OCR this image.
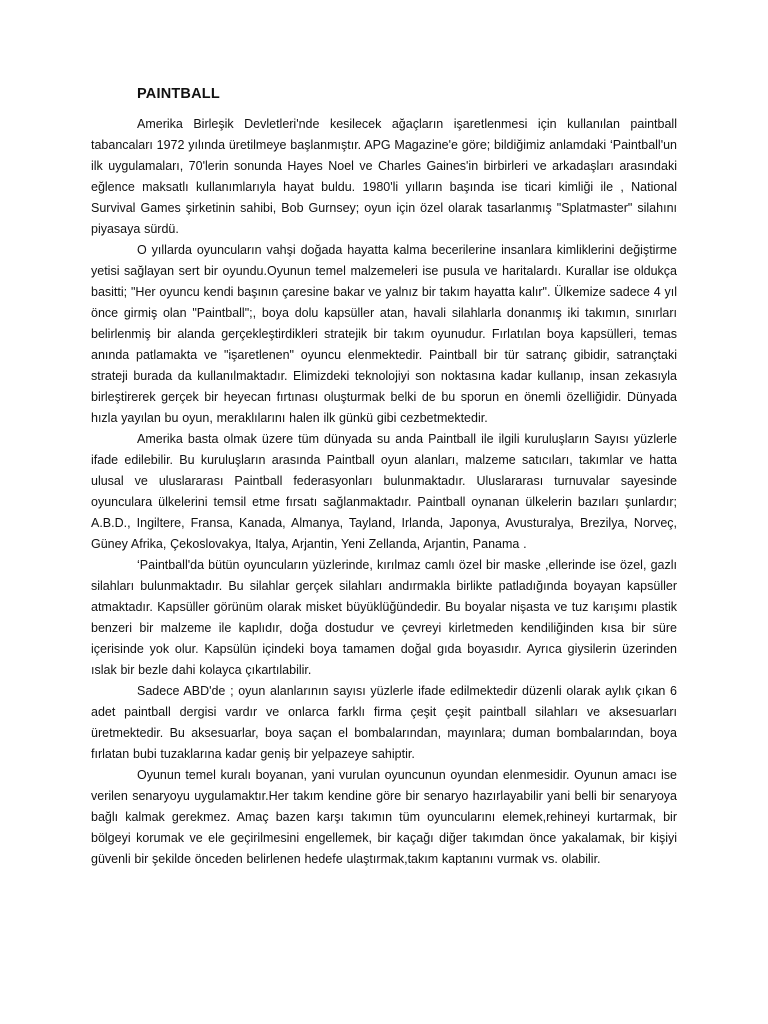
PAINTBALL

Amerika Birleşik Devletleri'nde kesilecek ağaçların işaretlenmesi için kullanılan paintball tabancaları 1972 yılında üretilmeye başlanmıştır. APG Magazine'e göre; bildiğimiz anlamdaki ‘Paintball'un ilk uygulamaları, 70'lerin sonunda Hayes Noel ve Charles Gaines'in birbirleri ve arkadaşları arasındaki eğlence maksatlı kullanımlarıyla hayat buldu. 1980'li yılların başında ise ticari kimliği ile , National Survival Games şirketinin sahibi, Bob Gurnsey; oyun için özel olarak tasarlanmış "Splatmaster" silahını piyasaya sürdü.

O yıllarda oyuncuların vahşi doğada hayatta kalma becerilerine insanlara kimliklerini değiştirme yetisi sağlayan sert bir oyundu.Oyunun temel malzemeleri ise pusula ve haritalardı. Kurallar ise oldukça basitti; "Her oyuncu kendi başının çaresine bakar ve yalnız bir takım hayatta kalır". Ülkemize sadece 4 yıl önce girmiş olan "Paintball";, boya dolu kapsüller atan, havali silahlarla donanmış iki takımın, sınırları belirlenmiş bir alanda gerçekleştirdikleri stratejik bir takım oyunudur. Fırlatılan boya kapsülleri, temas anında patlamakta ve "işaretlenen" oyuncu elenmektedir. Paintball bir tür satranç gibidir, satrançtaki strateji burada da kullanılmaktadır. Elimizdeki teknolojiyi son noktasına kadar kullanıp, insan zekasıyla birleştirerek gerçek bir heyecan fırtınası oluşturmak belki de bu sporun en önemli özelliğidir. Dünyada hızla yayılan bu oyun, meraklılarını halen ilk günkü gibi cezbetmektedir.

Amerika basta olmak üzere tüm dünyada su anda Paintball ile ilgili kuruluşların Sayısı yüzlerle ifade edilebilir. Bu kuruluşların arasında Paintball oyun alanları, malzeme satıcıları, takımlar ve hatta ulusal ve uluslararası Paintball federasyonları bulunmaktadır. Uluslararası turnuvalar sayesinde oyunculara ülkelerini temsil etme fırsatı sağlanmaktadır. Paintball oynanan ülkelerin bazıları şunlardır; A.B.D., Ingiltere, Fransa, Kanada, Almanya, Tayland, Irlanda, Japonya, Avusturalya, Brezilya, Norveç, Güney Afrika, Çekoslovakya, Italya, Arjantin, Yeni Zellanda, Arjantin, Panama .

‘Paintball'da bütün oyuncuların yüzlerinde, kırılmaz camlı özel bir maske ,ellerinde ise özel, gazlı silahları bulunmaktadır. Bu silahlar gerçek silahları andırmakla birlikte patladığında boyayan kapsüller atmaktadır. Kapsüller görünüm olarak misket büyüklüğündedir. Bu boyalar nişasta ve tuz karışımı plastik benzeri bir malzeme ile kaplıdır, doğa dostudur ve çevreyi kirletmeden kendiliğinden kısa bir süre içerisinde yok olur. Kapsülün içindeki boya tamamen doğal gıda boyasıdır. Ayrıca giysilerin üzerinden ıslak bir bezle dahi kolayca çıkartılabilir.

Sadece ABD'de ; oyun alanlarının sayısı yüzlerle ifade edilmektedir düzenli olarak aylık çıkan 6 adet paintball dergisi vardır ve onlarca farklı firma çeşit çeşit paintball silahları ve aksesuarları üretmektedir. Bu aksesuarlar, boya saçan el bombalarından, mayınlara; duman bombalarından, boya fırlatan bubi tuzaklarına kadar geniş bir yelpazeye sahiptir.

Oyunun temel kuralı boyanan, yani vurulan oyuncunun oyundan elenmesidir. Oyunun amacı ise verilen senaryoyu uygulamaktır.Her takım kendine göre bir senaryo hazırlayabilir yani belli bir senaryoya bağlı kalmak gerekmez. Amaç bazen karşı takımın tüm oyuncularını elemek,rehineyi kurtarmak, bir bölgeyi korumak ve ele geçirilmesini engellemek, bir kaçağı diğer takımdan önce yakalamak, bir kişiyi güvenli bir şekilde önceden belirlenen hedefe ulaştırmak,takım kaptanını vurmak vs. olabilir.
